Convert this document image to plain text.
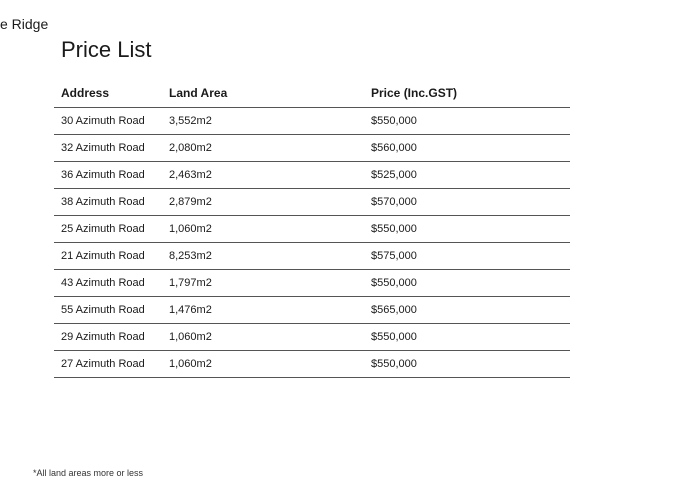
e Ridge
Price List
Address	Land Area	Price (Inc.GST)
30 Azimuth Road	3,552m2	$550,000
32 Azimuth Road	2,080m2	$560,000
36 Azimuth Road	2,463m2	$525,000
38 Azimuth Road	2,879m2	$570,000
25 Azimuth Road	1,060m2	$550,000
21 Azimuth Road	8,253m2	$575,000
43 Azimuth Road	1,797m2	$550,000
55 Azimuth Road	1,476m2	$565,000
29 Azimuth Road	1,060m2	$550,000
27 Azimuth Road	1,060m2	$550,000
*All land areas more or less
